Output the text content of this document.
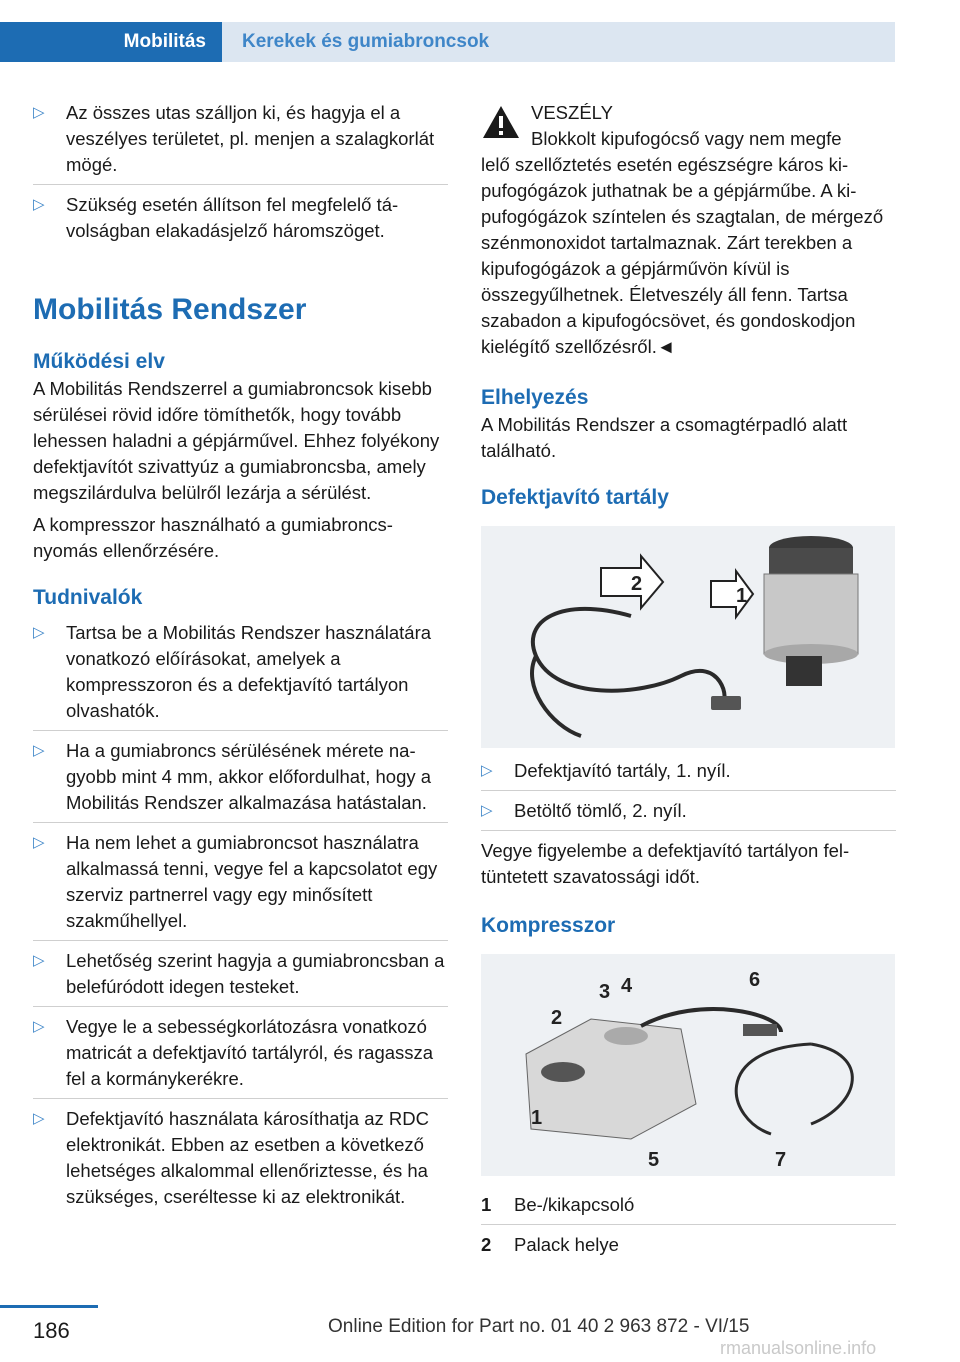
Mobilitás	Kerekek és gumiabroncsok
▷ Az összes utas szálljon ki, és hagyja el a veszélyes területet, pl. menjen a szalagkorlát mögé.
▷ Szükség esetén állítson fel megfelelő távolságban elakadásjelző háromszöget.
Mobilitás Rendszer
Működési elv

A Mobilitás Rendszerrel a gumiabroncsok kisebb sérülései rövid időre tömíthetők, hogy tovább lehessen haladni a gépjárművel. Ehhez folyékony defektjavítót szivattyúz a gumiabroncsba, amely megszilárdulva belülről lezárja a sérülést.

A kompresszor használható a gumiabroncsnyomás ellenőrzésére.

Tudnivalók
▷ Tartsa be a Mobilitás Rendszer használatára vonatkozó előírásokat, amelyek a kompresszoron és a defektjavító tartályon olvashatók.
▷ Ha a gumiabroncs sérülésének mérete nagyobb mint 4 mm, akkor előfordulhat, hogy a Mobilitás Rendszer alkalmazása hatástalan.
▷ Ha nem lehet a gumiabroncsot használatra alkalmassá tenni, vegye fel a kapcsolatot egy szerviz partnerrel vagy egy minősített szakműhellyel.
▷ Lehetőség szerint hagyja a gumiabroncsban a belefúródott idegen testeket.
▷ Vegye le a sebességkorlátozásra vonatkozó matricát a defektjavító tartályról, és ragassza fel a kormánykerékre.
▷ Defektjavító használata károsíthatja az RDC elektronikát. Ebben az esetben a következő lehetséges alkalommal ellenőriztesse, és ha szükséges, cseréltesse ki az elektronikát.

VESZÉLY

Blokkolt kipufogócső vagy nem megfe

lelő szellőztetés esetén egészségre káros kipufogógázok juthatnak be a gépjárműbe. A kipufogógázok színtelen és szagtalan, de mérgező szénmonoxidot tartalmaznak. Zárt terekben a kipufogógázok a gépjárművön kívül is összegyűlhetnek. Életveszély áll fenn. Tartsa szabadon a kipufogócsövet, és gondoskodjon kielégítő szellőzésről.◄

Elhelyezés

A Mobilitás Rendszer a csomagtérpadló alatt található.

Defektjavító tartály
2
1
▷ Defektjavító tartály, 1. nyíl.
▷ Betöltő tömlő, 2. nyíl.

Vegye figyelembe a defektjavító tartályon feltüntetett szavatossági időt.

Kompresszor
2
1
3 4
5
6
7
1 Be-/kikapcsoló
2 Palack helye
186	Online Edition for Part no. 01 40 2 963 872 - VI/15
rmanualsonline.info
